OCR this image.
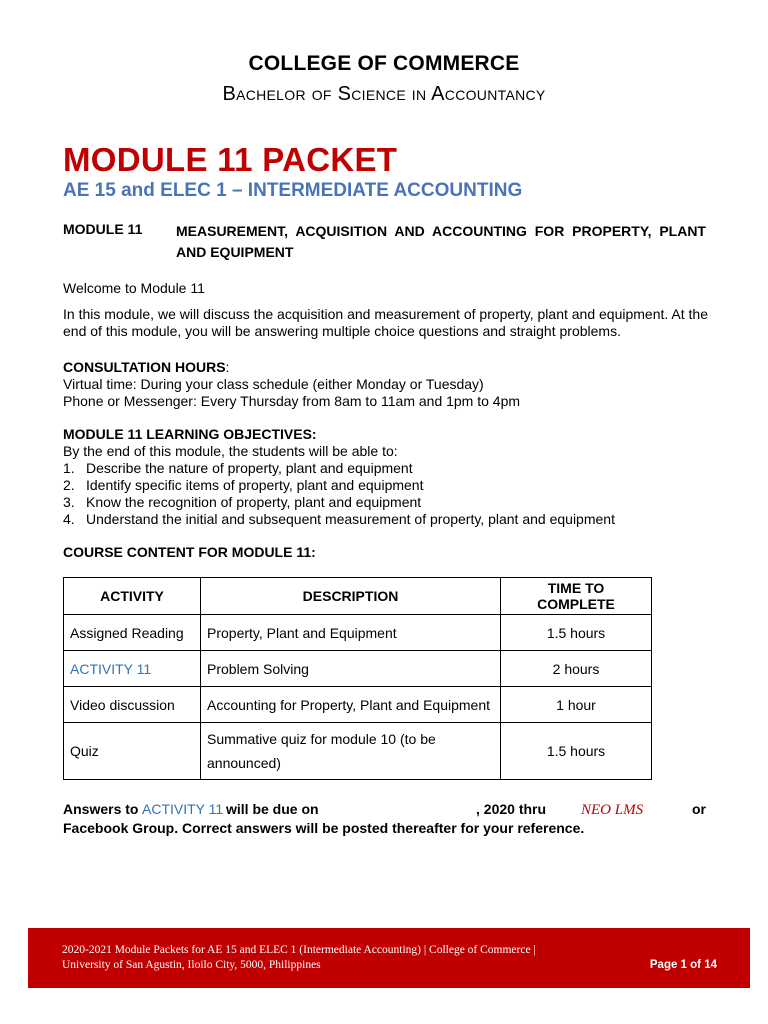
COLLEGE OF COMMERCE
Bachelor of Science in Accountancy
MODULE 11 PACKET
AE 15 and ELEC 1 – INTERMEDIATE ACCOUNTING
MODULE 11 MEASUREMENT, ACQUISITION AND ACCOUNTING FOR PROPERTY, PLANT AND EQUIPMENT
Welcome to Module 11
In this module, we will discuss the acquisition and measurement of property, plant and equipment. At the end of this module, you will be answering multiple choice questions and straight problems.
CONSULTATION HOURS:
Virtual time: During your class schedule (either Monday or Tuesday)
Phone or Messenger: Every Thursday from 8am to 11am and 1pm to 4pm
MODULE 11 LEARNING OBJECTIVES:
By the end of this module, the students will be able to:
1. Describe the nature of property, plant and equipment
2. Identify specific items of property, plant and equipment
3. Know the recognition of property, plant and equipment
4. Understand the initial and subsequent measurement of property, plant and equipment
COURSE CONTENT FOR MODULE 11:
ACTIVITY	DESCRIPTION	TIME TO COMPLETE
Assigned Reading	Property, Plant and Equipment	1.5 hours
ACTIVITY 11	Problem Solving	2 hours
Video discussion	Accounting for Property, Plant and Equipment	1 hour
Quiz	Summative quiz for module 10 (to be announced)	1.5 hours
Answers to ACTIVITY 11 will be due on	, 2020 thru NEO LMS	or
Facebook Group. Correct answers will be posted thereafter for your reference.
2020-2021 Module Packets for AE 15 and ELEC 1 (Intermediate Accounting) | College of Commerce |
University of San Agustin, Iloilo City, 5000, Philippines	Page 1 of 14
